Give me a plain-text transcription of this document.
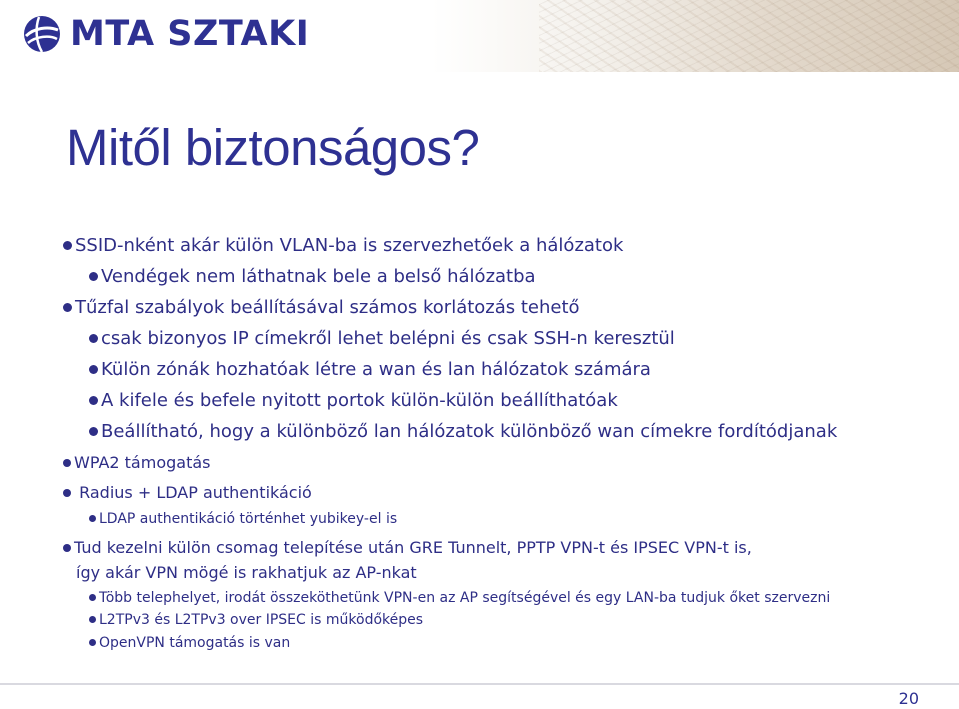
MTA SZTAKI
Mitől biztonságos?
SSID-nként akár külön VLAN-ba is szervezhetőek a hálózatok
Vendégek nem láthatnak bele a belső hálózatba
Tűzfal szabályok beállításával számos korlátozás tehető
csak bizonyos IP címekről lehet belépni és csak SSH-n keresztül
Külön zónák hozhatóak létre a wan és lan hálózatok számára
A kifele és befele nyitott portok külön-külön beállíthatóak
Beállítható, hogy a különböző lan hálózatok különböző wan címekre fordítódjanak
WPA2 támogatás
Radius + LDAP authentikáció
LDAP authentikáció történhet yubikey-el is
Tud kezelni külön csomag telepítése után GRE Tunnelt, PPTP VPN-t és IPSEC VPN-t is,
így akár VPN mögé is rakhatjuk az AP-nkat
Több telephelyet, irodát összeköthetünk VPN-en az AP segítségével és egy LAN-ba tudjuk őket szervezni
L2TPv3 és L2TPv3 over IPSEC is működőképes
OpenVPN támogatás is van
20
